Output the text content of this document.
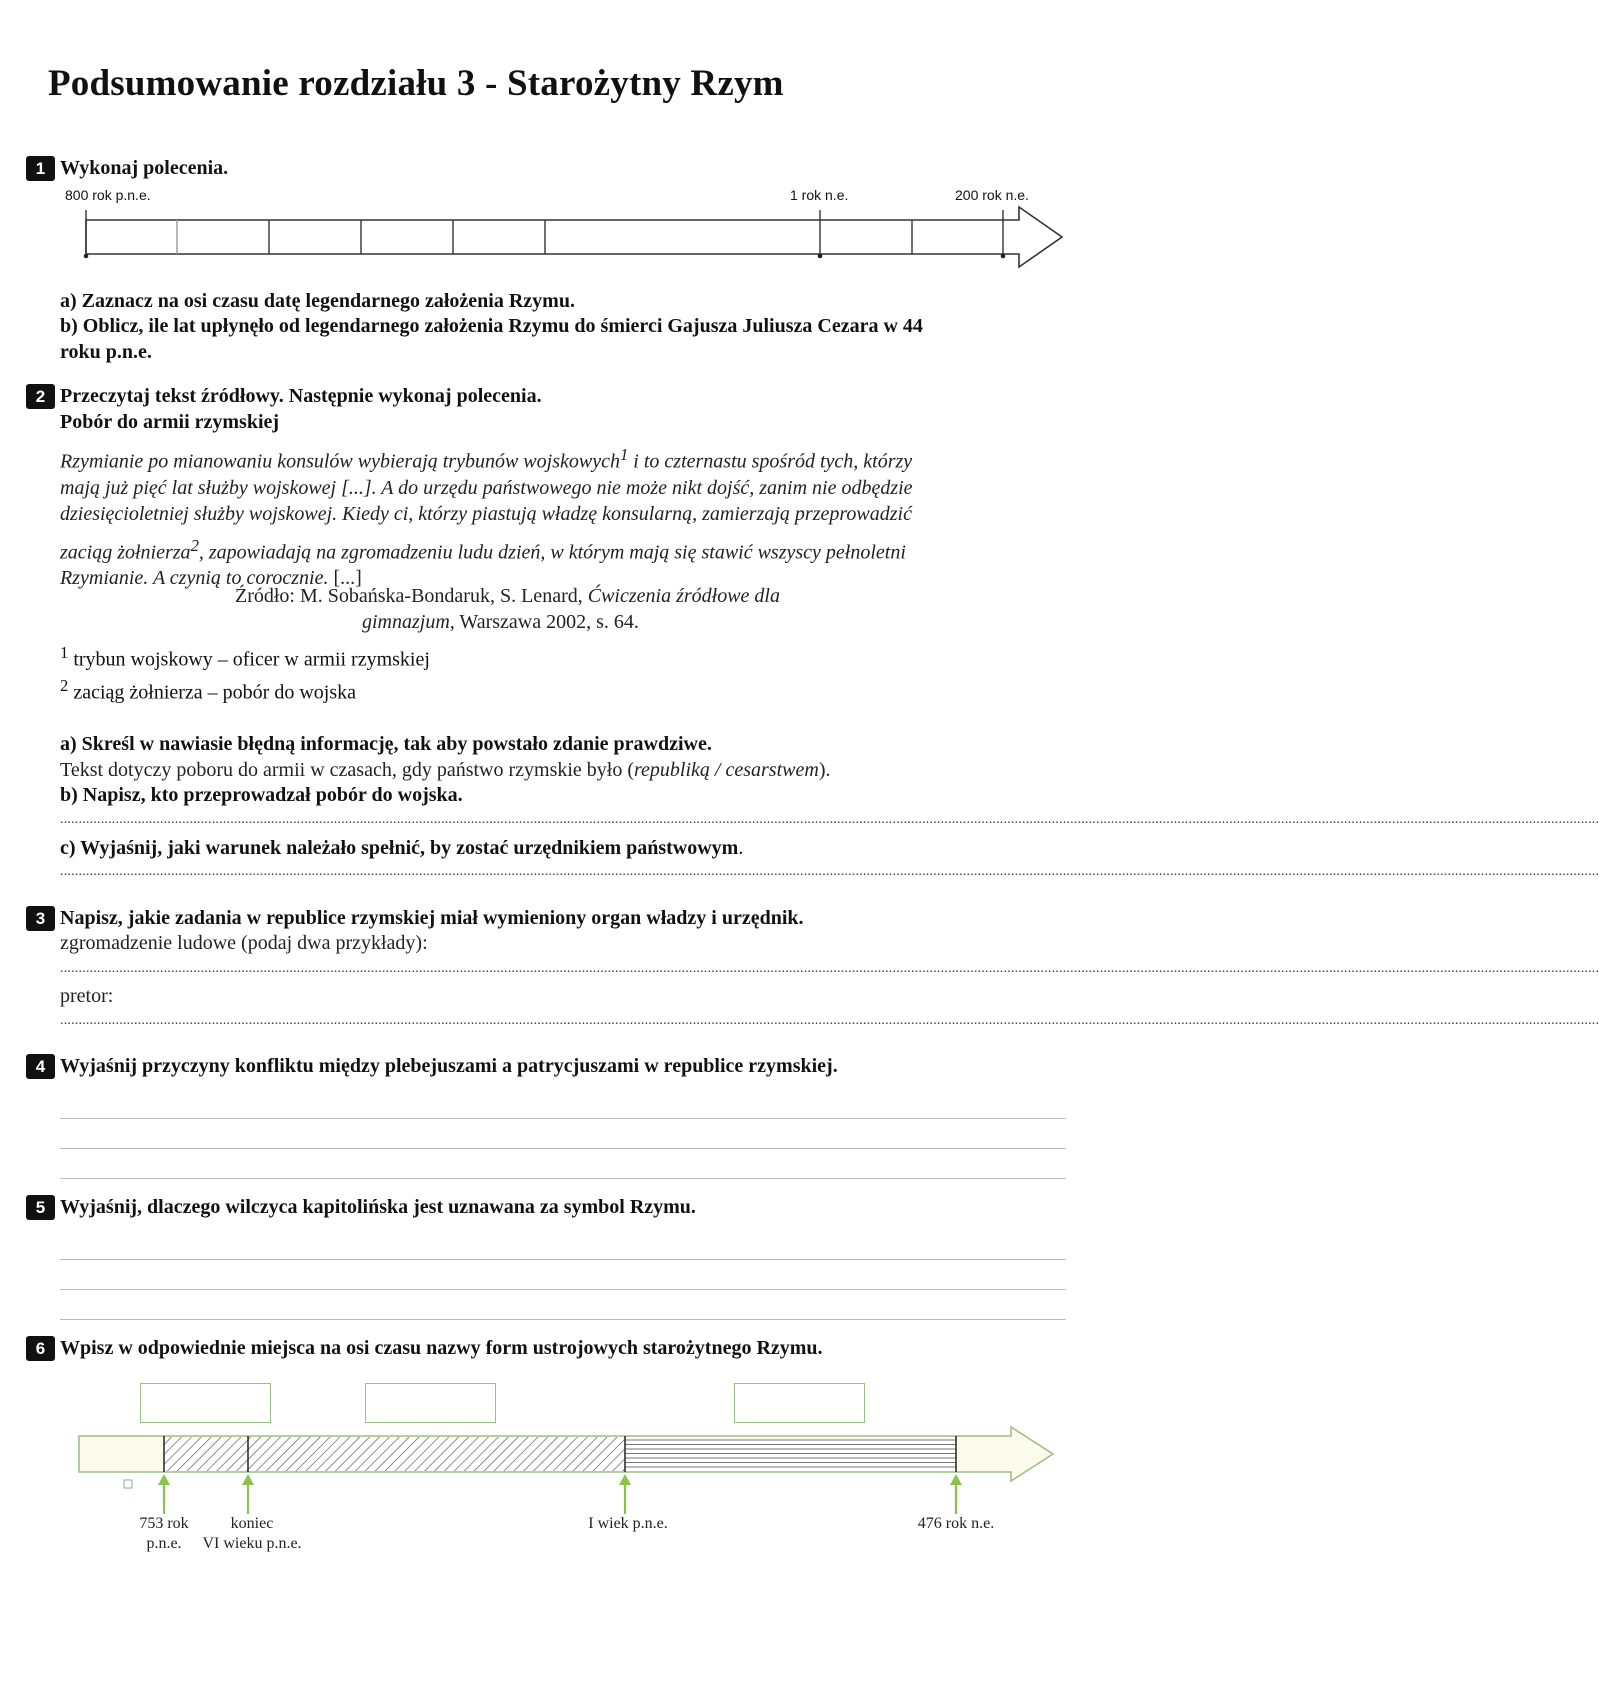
Podsumowanie rozdziału 3 - Starożytny Rzym
1 Wykonaj polecenia.
800 rok p.n.e.	1 rok n.e.	200 rok n.e.
a) Zaznacz na osi czasu datę legendarnego założenia Rzymu.
b) Oblicz, ile lat upłynęło od legendarnego założenia Rzymu do śmierci Gajusza Juliusza Cezara w 44
roku p.n.e.
2 Przeczytaj tekst źródłowy. Następnie wykonaj polecenia.
Pobór do armii rzymskiej
Rzymianie po mianowaniu konsulów wybierają trybunów wojskowych$^1$ i to czternastu spośród tych, którzy
mają już pięć lat służby wojskowej [...]. A do urzędu państwowego nie może nikt dojść, zanim nie odbędzie
dziesięcioletniej służby wojskowej. Kiedy ci, którzy piastują władzę konsularną, zamierzają przeprowadzić
zaciąg żołnierza$^2$, zapowiadają na zgromadzeniu ludu dzień, w którym mają się stawić wszyscy pełnoletni
Rzymianie. A czynią to corocznie. [...]
Źródło: M. Sobańska-Bondaruk, S. Lenard, Ćwiczenia źródłowe dla
gimnazjum, Warszawa 2002, s. 64.
$^1$ trybun wojskowy – oficer w armii rzymskiej
$^2$ zaciąg żołnierza – pobór do wojska
a) Skreśl w nawiasie błędną informację, tak aby powstało zdanie prawdziwe.
Tekst dotyczy poboru do armii w czasach, gdy państwo rzymskie było (republiką / cesarstwem).
b) Napisz, kto przeprowadzał pobór do wojska.
................................................................................................................................................................................................................................................................................................................................................................................................................................
c) Wyjaśnij, jaki warunek należało spełnić, by zostać urzędnikiem państwowym.
................................................................................................................................................................................................................................................................................................................................................................................................................................
3 Napisz, jakie zadania w republice rzymskiej miał wymieniony organ władzy i urzędnik.
zgromadzenie ludowe (podaj dwa przykłady):
................................................................................................................................................................................................................................................................................................................................................................................................................................
pretor:
................................................................................................................................................................................................................................................................................................................................................................................................................................
4 Wyjaśnij przyczyny konfliktu między plebejuszami a patrycjuszami w republice rzymskiej.
5 Wyjaśnij, dlaczego wilczyca kapitolińska jest uznawana za symbol Rzymu.
6 Wpisz w odpowiednie miejsca na osi czasu nazwy form ustrojowych starożytnego Rzymu.
753 rok
p.n.e.
koniec
VI wieku p.n.e.
I wiek p.n.e.	476 rok n.e.
